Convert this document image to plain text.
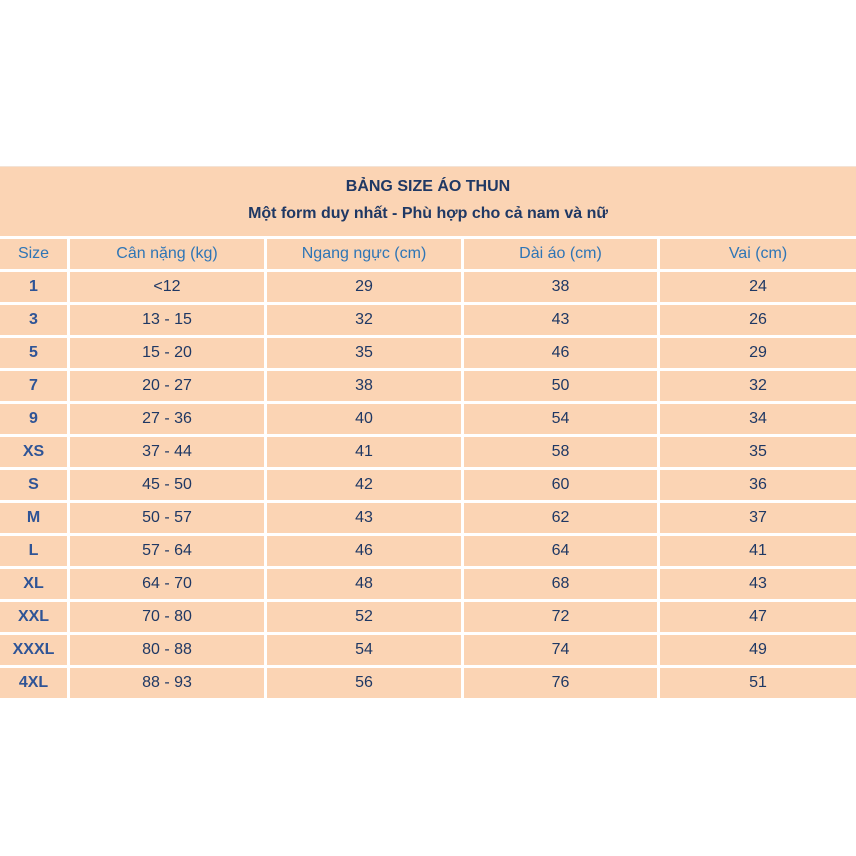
BẢNG SIZE ÁO THUN
Một form duy nhất - Phù hợp cho cả nam và nữ
Size	Cân nặng (kg)	Ngang ngực (cm)	Dài áo (cm)	Vai (cm)
1	<12	29	38	24
3	13 - 15	32	43	26
5	15 - 20	35	46	29
7	20 - 27	38	50	32
9	27 - 36	40	54	34
XS	37 - 44	41	58	35
S	45 - 50	42	60	36
M	50 - 57	43	62	37
L	57 - 64	46	64	41
XL	64 - 70	48	68	43
XXL	70 - 80	52	72	47
XXXL	80 - 88	54	74	49
4XL	88 - 93	56	76	51
